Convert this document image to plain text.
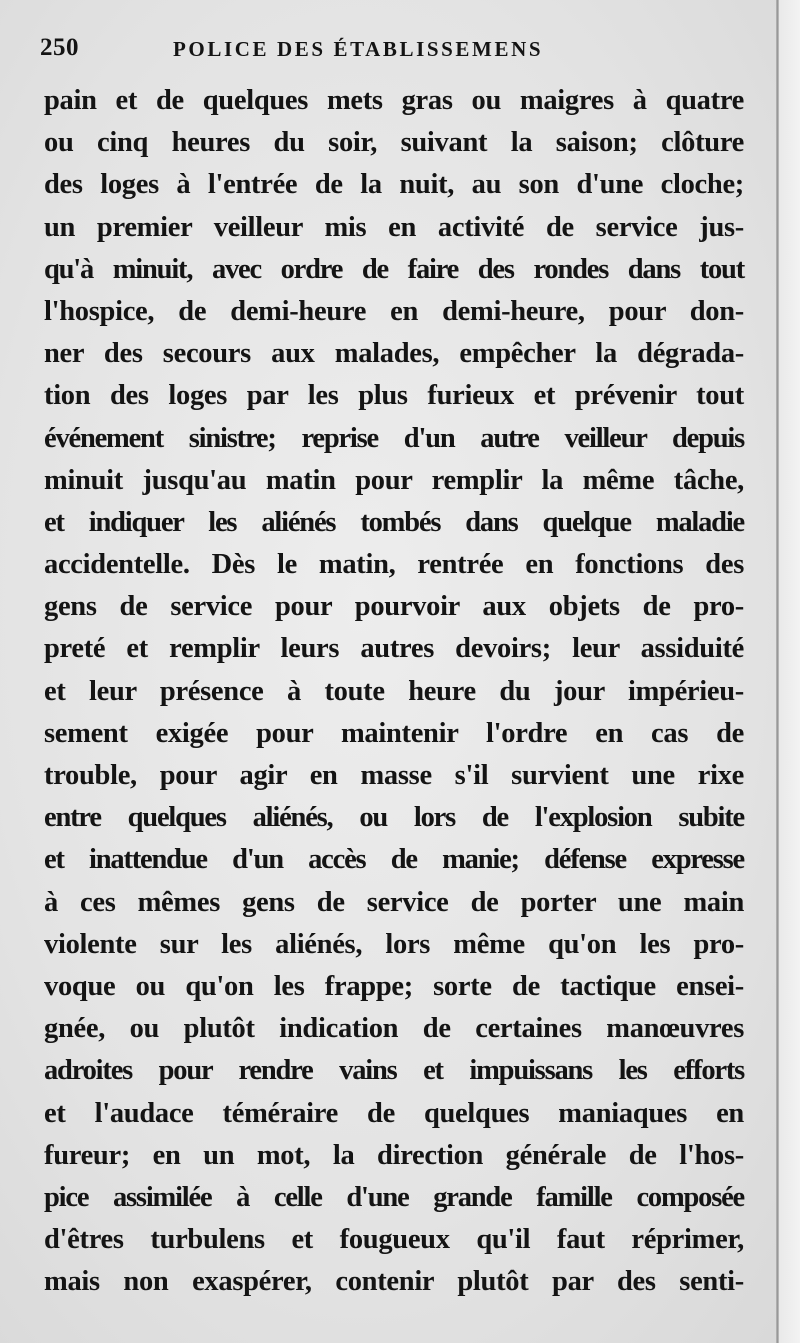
250	POLICE DES ÉTABLISSEMENS
pain et de quelques mets gras ou maigres à quatre
ou cinq heures du soir, suivant la saison; clôture
des loges à l'entrée de la nuit, au son d'une cloche;
un premier veilleur mis en activité de service jus-
qu'à minuit, avec ordre de faire des rondes dans tout
l'hospice, de demi-heure en demi-heure, pour don-
ner des secours aux malades, empêcher la dégrada-
tion des loges par les plus furieux et prévenir tout
événement sinistre; reprise d'un autre veilleur depuis
minuit jusqu'au matin pour remplir la même tâche,
et indiquer les aliénés tombés dans quelque maladie
accidentelle. Dès le matin, rentrée en fonctions des
gens de service pour pourvoir aux objets de pro-
preté et remplir leurs autres devoirs; leur assiduité
et leur présence à toute heure du jour impérieu-
sement exigée pour maintenir l'ordre en cas de
trouble, pour agir en masse s'il survient une rixe
entre quelques aliénés, ou lors de l'explosion subite
et inattendue d'un accès de manie; défense expresse
à ces mêmes gens de service de porter une main
violente sur les aliénés, lors même qu'on les pro-
voque ou qu'on les frappe; sorte de tactique ensei-
gnée, ou plutôt indication de certaines manœuvres
adroites pour rendre vains et impuissans les efforts
et l'audace téméraire de quelques maniaques en
fureur; en un mot, la direction générale de l'hos-
pice assimilée à celle d'une grande famille composée
d'êtres turbulens et fougueux qu'il faut réprimer,
mais non exaspérer, contenir plutôt par des senti-
